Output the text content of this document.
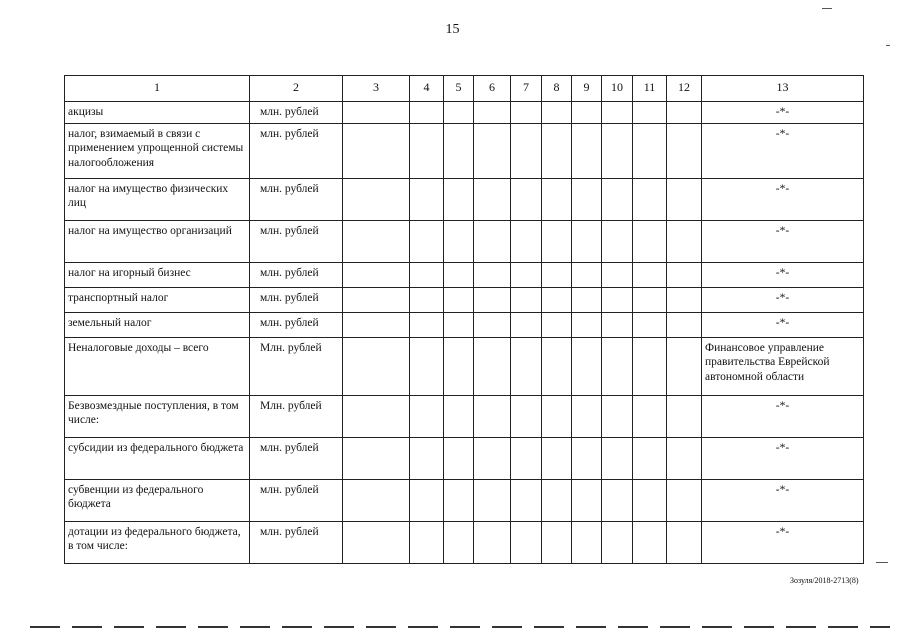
15
1	2	3	4	5	6	7	8	9	10	11	12	13
акцизы	млн. рублей											-*-
налог, взимаемый в связи с применением упрощенной системы налогообложения	млн. рублей											-*-
налог на имущество физических лиц	млн. рублей											-*-
налог на имущество организаций	млн. рублей											-*-
налог на игорный бизнес	млн. рублей											-*-
транспортный налог	млн. рублей											-*-
земельный налог	млн. рублей											-*-
Неналоговые доходы – всего	Млн. рублей											Финансовое управление правительства Еврейской автономной области
Безвозмездные поступления, в том числе:	Млн. рублей											-*-
субсидии из федерального бюджета	млн. рублей											-*-
субвенции из федерального бюджета	млн. рублей											-*-
дотации из федерального бюджета, в том числе:	млн. рублей											-*-
Зозуля/2018-2713(8)
